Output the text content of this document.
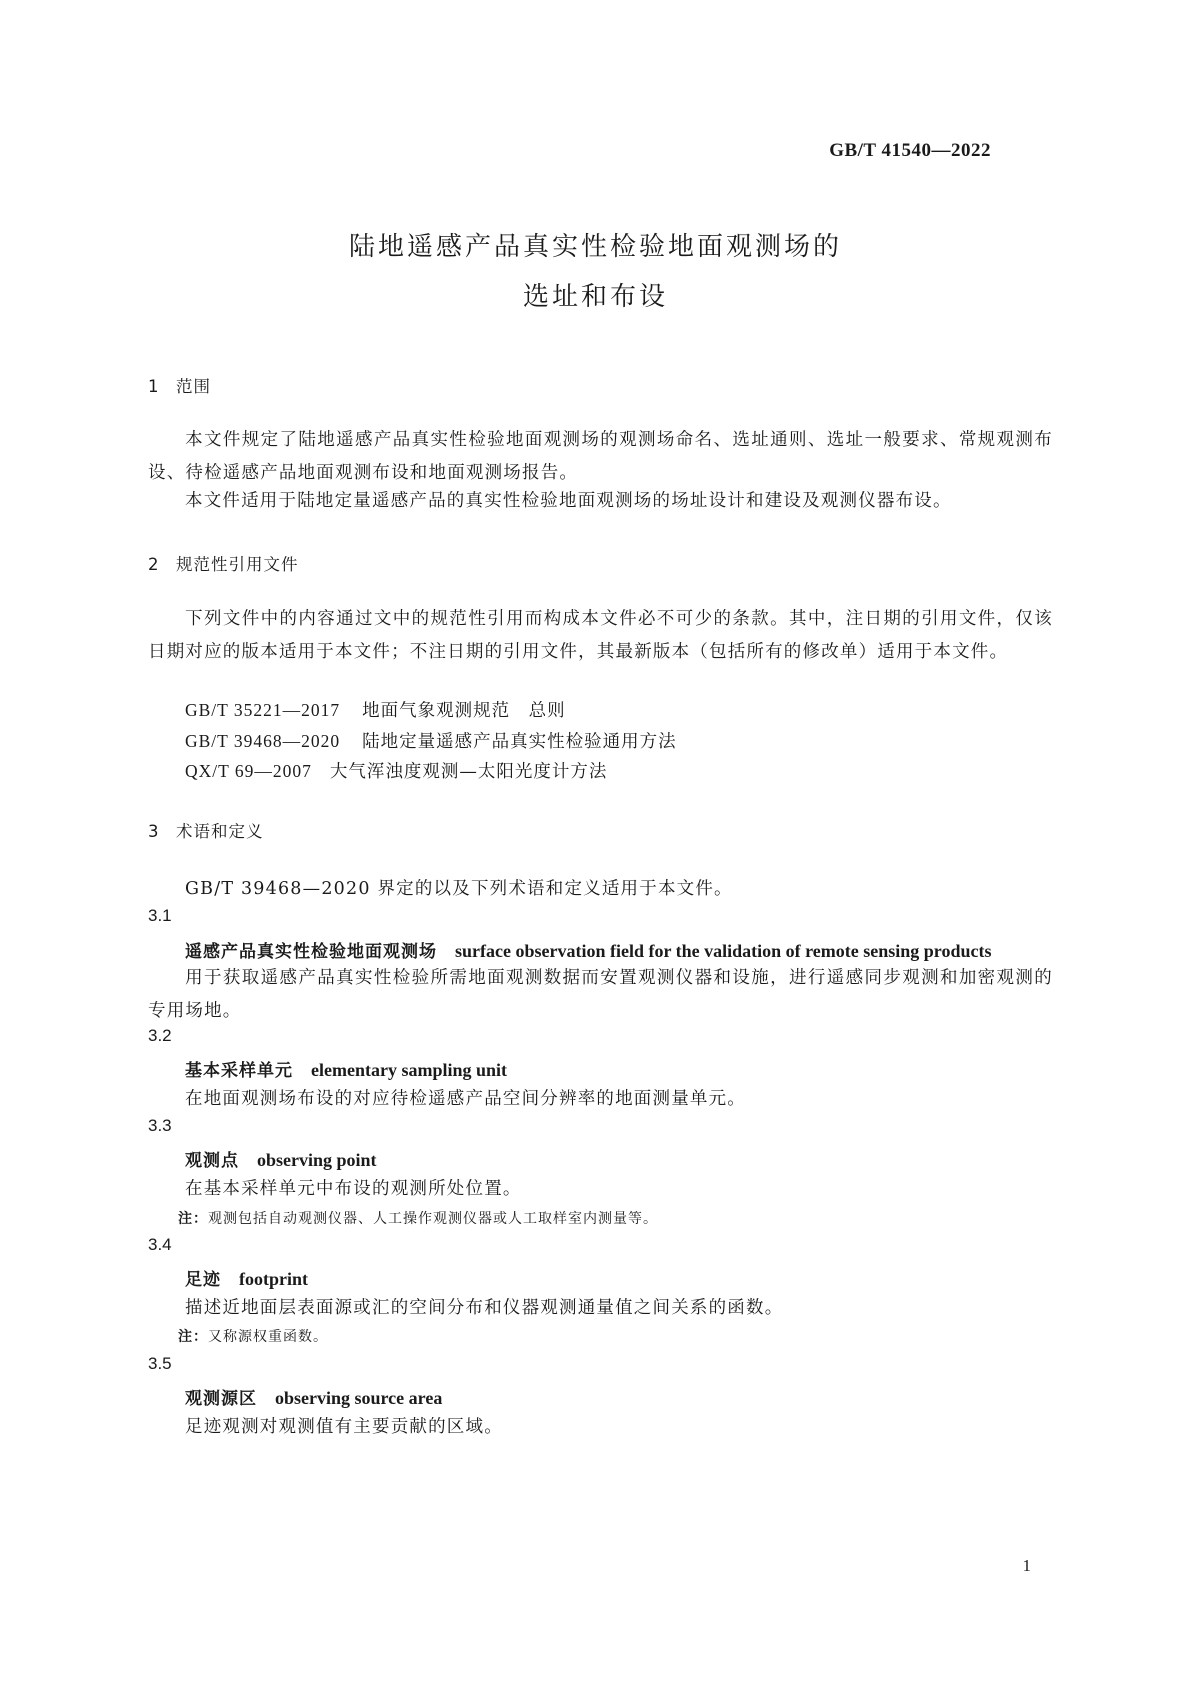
GB/T 41540—2022
陆地遥感产品真实性检验地面观测场的
选址和布设
1 范围
本文件规定了陆地遥感产品真实性检验地面观测场的观测场命名、选址通则、选址一般要求、常规观测布设、待检遥感产品地面观测布设和地面观测场报告。
本文件适用于陆地定量遥感产品的真实性检验地面观测场的场址设计和建设及观测仪器布设。
2 规范性引用文件
下列文件中的内容通过文中的规范性引用而构成本文件必不可少的条款。其中，注日期的引用文件，仅该日期对应的版本适用于本文件；不注日期的引用文件，其最新版本（包括所有的修改单）适用于本文件。
GB/T 35221—2017 地面气象观测规范　总则
GB/T 39468—2020 陆地定量遥感产品真实性检验通用方法
QX/T 69—2007 大气浑浊度观测—太阳光度计方法
3 术语和定义
GB/T 39468—2020 界定的以及下列术语和定义适用于本文件。
3.1
遥感产品真实性检验地面观测场 surface observation field for the validation of remote sensing products
用于获取遥感产品真实性检验所需地面观测数据而安置观测仪器和设施，进行遥感同步观测和加密观测的专用场地。
3.2
基本采样单元 elementary sampling unit
在地面观测场布设的对应待检遥感产品空间分辨率的地面测量单元。
3.3
观测点 observing point
在基本采样单元中布设的观测所处位置。
注：观测包括自动观测仪器、人工操作观测仪器或人工取样室内测量等。
3.4
足迹 footprint
描述近地面层表面源或汇的空间分布和仪器观测通量值之间关系的函数。
注：又称源权重函数。
3.5
观测源区 observing source area
足迹观测对观测值有主要贡献的区域。
1
